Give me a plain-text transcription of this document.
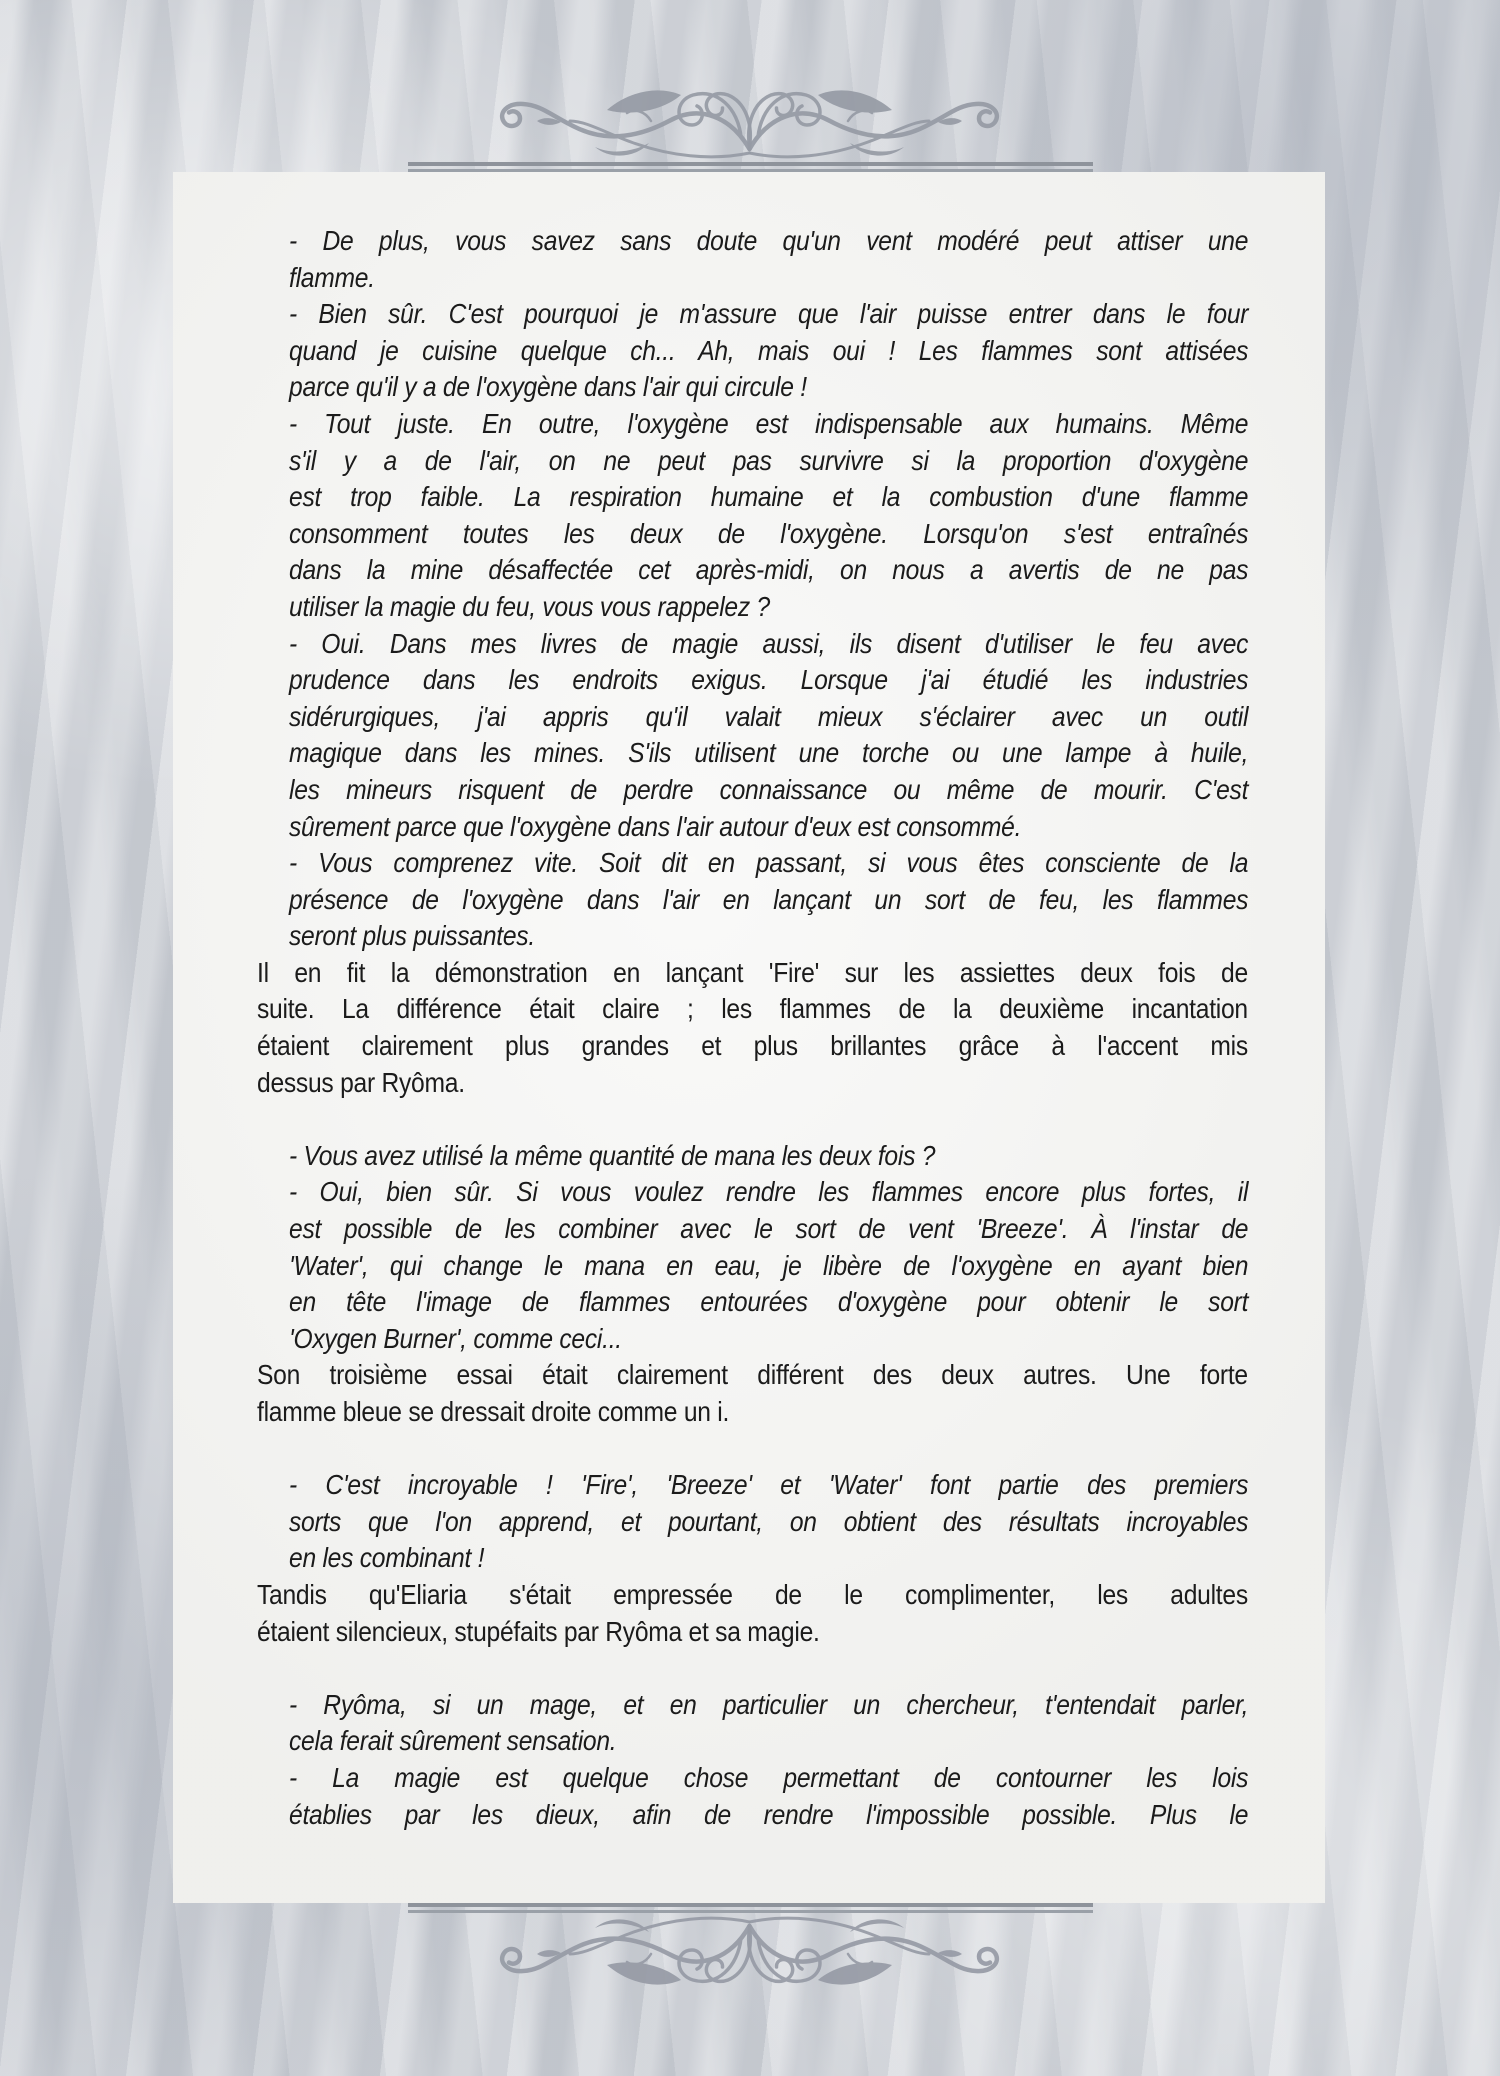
- De plus, vous savez sans doute qu'un vent modéré peut attiser une
flamme.
- Bien sûr. C'est pourquoi je m'assure que l'air puisse entrer dans le four
quand je cuisine quelque ch... Ah, mais oui ! Les flammes sont attisées
parce qu'il y a de l'oxygène dans l'air qui circule !
- Tout juste. En outre, l'oxygène est indispensable aux humains. Même
s'il y a de l'air, on ne peut pas survivre si la proportion d'oxygène
est trop faible. La respiration humaine et la combustion d'une flamme
consomment toutes les deux de l'oxygène. Lorsqu'on s'est entraînés
dans la mine désaffectée cet après-midi, on nous a avertis de ne pas
utiliser la magie du feu, vous vous rappelez ?
- Oui. Dans mes livres de magie aussi, ils disent d'utiliser le feu avec
prudence dans les endroits exigus. Lorsque j'ai étudié les industries
sidérurgiques, j'ai appris qu'il valait mieux s'éclairer avec un outil
magique dans les mines. S'ils utilisent une torche ou une lampe à huile,
les mineurs risquent de perdre connaissance ou même de mourir. C'est
sûrement parce que l'oxygène dans l'air autour d'eux est consommé.
- Vous comprenez vite. Soit dit en passant, si vous êtes consciente de la
présence de l'oxygène dans l'air en lançant un sort de feu, les flammes
seront plus puissantes.
Il en fit la démonstration en lançant 'Fire' sur les assiettes deux fois de
suite. La différence était claire ; les flammes de la deuxième incantation
étaient clairement plus grandes et plus brillantes grâce à l'accent mis
dessus par Ryôma.
- Vous avez utilisé la même quantité de mana les deux fois ?
- Oui, bien sûr. Si vous voulez rendre les flammes encore plus fortes, il
est possible de les combiner avec le sort de vent 'Breeze'. À l'instar de
'Water', qui change le mana en eau, je libère de l'oxygène en ayant bien
en tête l'image de flammes entourées d'oxygène pour obtenir le sort
'Oxygen Burner', comme ceci...
Son troisième essai était clairement différent des deux autres. Une forte
flamme bleue se dressait droite comme un i.
- C'est incroyable ! 'Fire', 'Breeze' et 'Water' font partie des premiers
sorts que l'on apprend, et pourtant, on obtient des résultats incroyables
en les combinant !
Tandis qu'Eliaria s'était empressée de le complimenter, les adultes
étaient silencieux, stupéfaits par Ryôma et sa magie.
- Ryôma, si un mage, et en particulier un chercheur, t'entendait parler,
cela ferait sûrement sensation.
- La magie est quelque chose permettant de contourner les lois
établies par les dieux, afin de rendre l'impossible possible. Plus le
